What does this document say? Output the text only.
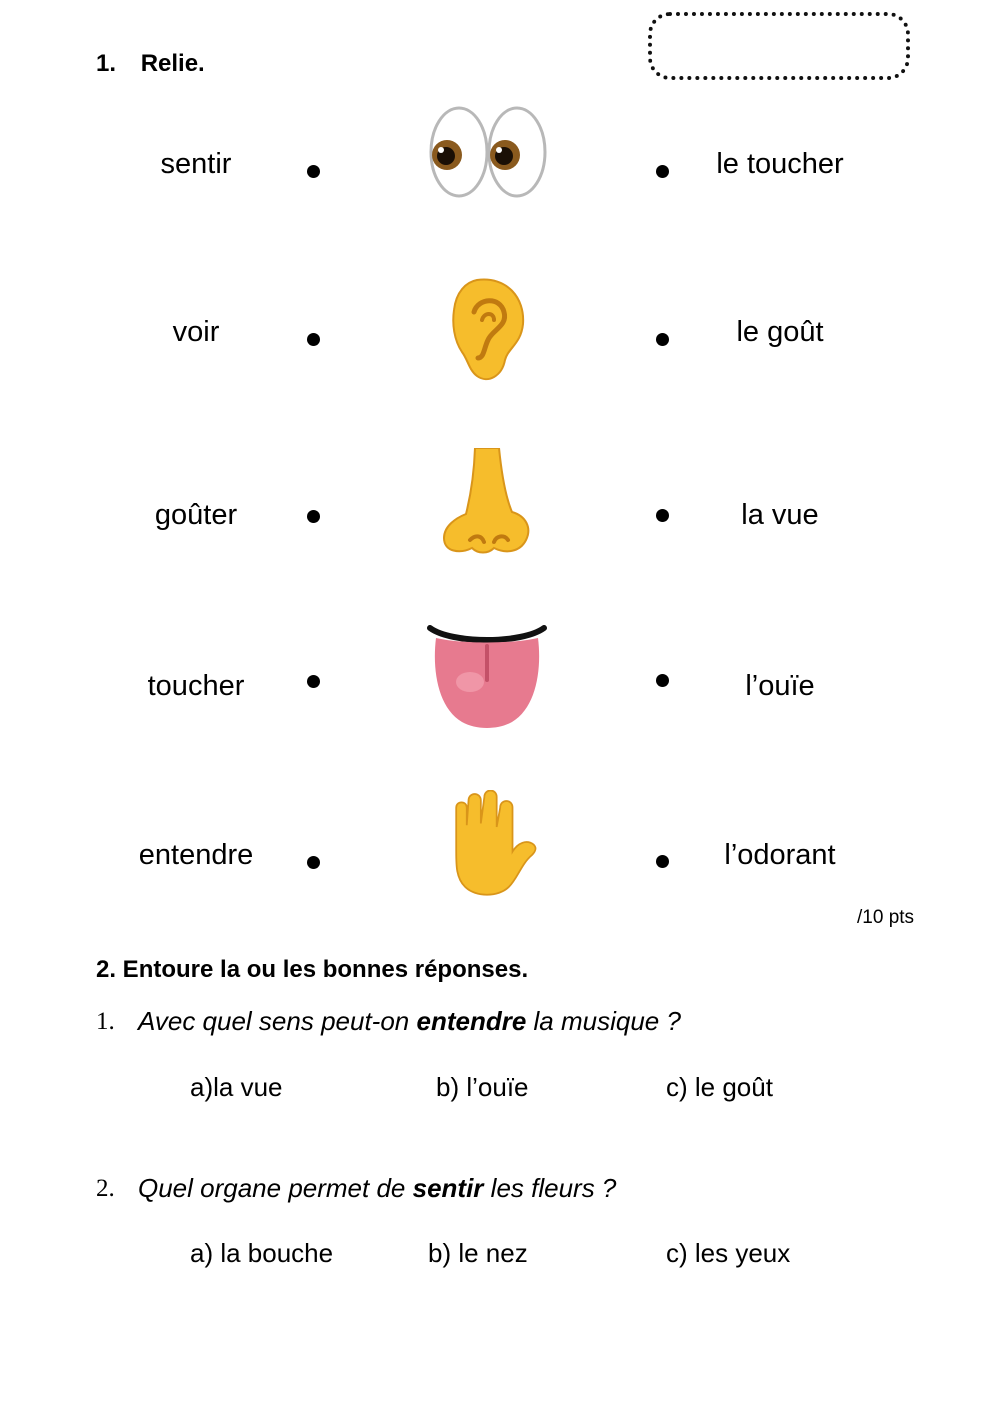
1. Relie.
sentir
voir
goûter
toucher
entendre
le toucher
le goût
la vue
l’ouïe
l’odorant
/10 pts
2. Entoure la ou les bonnes réponses.
1. Avec quel sens peut-on entendre la musique ?
a)la vue	b) l’ouïe	c) le goût
2. Quel organe permet de sentir les fleurs ?
a) la bouche	b) le nez	c) les yeux
